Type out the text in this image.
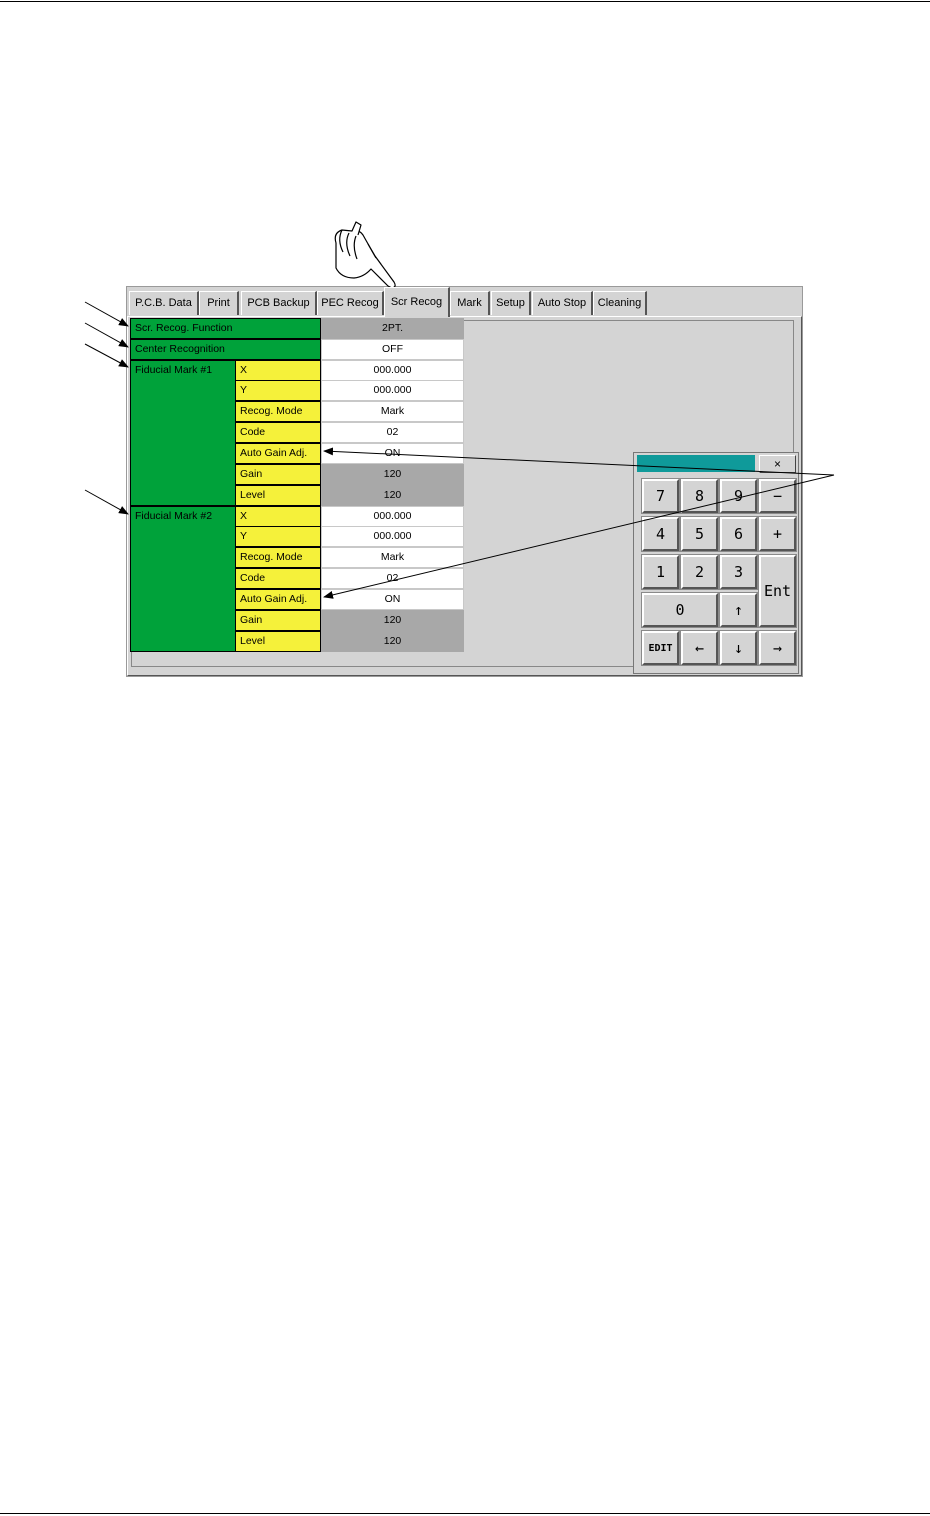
P.C.B. Data	Print	PCB Backup	PEC Recog	Scr Recog	Mark	Setup	Auto Stop	Cleaning
Scr. Recog. Function	2PT.
Center Recognition	OFF
Fiducial Mark #1	X	000.000
Y	000.000
Recog. Mode	Mark
Code	02
Auto Gain Adj.	ON
Gain	120
Level	120
Fiducial Mark #2	X	000.000
Y	000.000
Recog. Mode	Mark
Code	02
Auto Gain Adj.	ON
Gain	120
Level	120
×
7	8	9	−
4	5	6	+
1	2	3
Ent
0	↑
EDIT	←	↓	→
